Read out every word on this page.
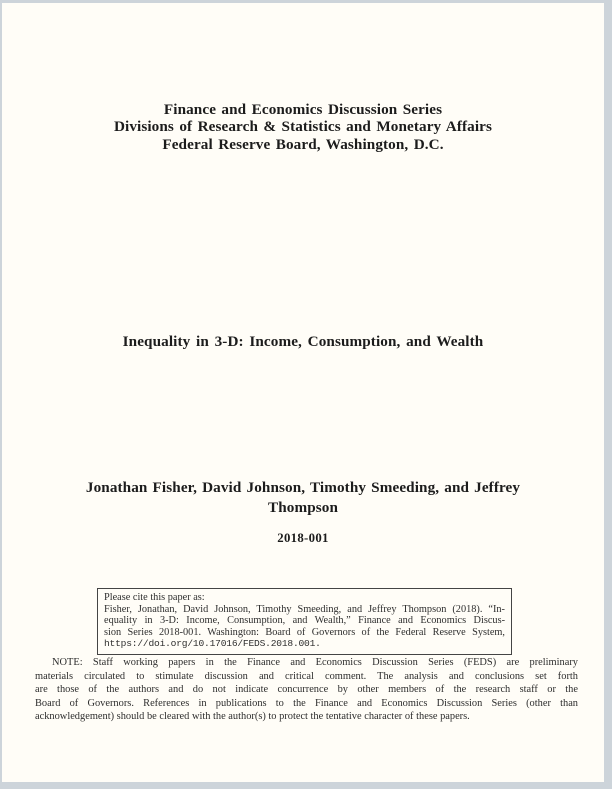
Finance and Economics Discussion Series
Divisions of Research & Statistics and Monetary Affairs
Federal Reserve Board, Washington, D.C.
Inequality in 3-D: Income, Consumption, and Wealth
Jonathan Fisher, David Johnson, Timothy Smeeding, and Jeffrey Thompson
2018-001
Please cite this paper as:
Fisher, Jonathan, David Johnson, Timothy Smeeding, and Jeffrey Thompson (2018). “In-
equality in 3-D: Income, Consumption, and Wealth,” Finance and Economics Discus-
sion Series 2018-001. Washington: Board of Governors of the Federal Reserve System,
https://doi.org/10.17016/FEDS.2018.001.
NOTE: Staff working papers in the Finance and Economics Discussion Series (FEDS) are preliminary
materials circulated to stimulate discussion and critical comment. The analysis and conclusions set forth
are those of the authors and do not indicate concurrence by other members of the research staff or the
Board of Governors. References in publications to the Finance and Economics Discussion Series (other than
acknowledgement) should be cleared with the author(s) to protect the tentative character of these papers.
